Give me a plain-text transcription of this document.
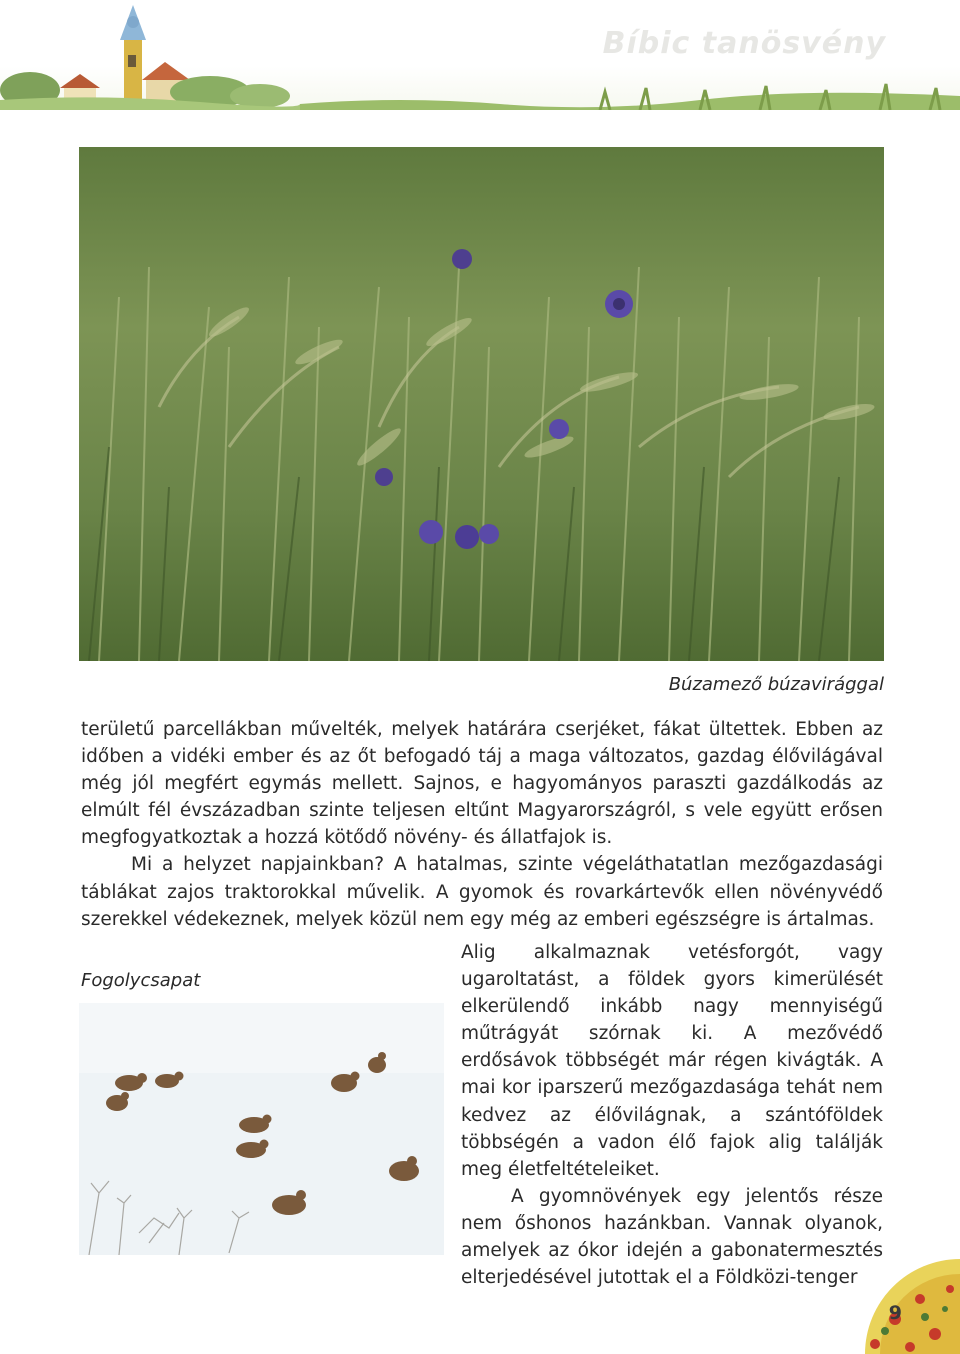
Bíbic tanösvény
Búzamező búzavirággal

területű parcellákban művelték, melyek határára cserjéket, fákat ültettek. Ebben az időben a vidéki ember és az őt befogadó táj a maga változatos, gazdag élővilágával még jól megfért egymás mellett. Sajnos, e hagyományos paraszti gazdálkodás az elmúlt fél évszázadban szinte teljesen eltűnt Magyarországról, s vele együtt erősen megfogyatkoztak a hozzá kötődő növény- és állatfajok is.

Mi a helyzet napjainkban? A hatalmas, szinte végeláthatatlan mezőgazdasági táblákat zajos traktorokkal művelik. A gyomok és rovarkártevők ellen növényvédő szerekkel védekeznek, melyek közül nem egy még az emberi egészségre is ártalmas.

Fogolycsapat

Alig alkalmaznak vetésforgót, vagy ugaroltatást, a földek gyors kimerülését elkerülendő inkább nagy mennyiségű műtrágyát szórnak ki. A mezővédő erdősávok többségét már régen kivágták. A mai kor iparszerű mezőgazdasága tehát nem kedvez az élővilágnak, a szántóföldek többségén a vadon élő fajok alig találják meg életfeltételeiket.

A gyomnövények egy jelentős része nem őshonos hazánkban. Vannak olyanok, amelyek az ókor idején a gabonatermesztés elterjedésével jutottak el a Földközi-tenger

9
